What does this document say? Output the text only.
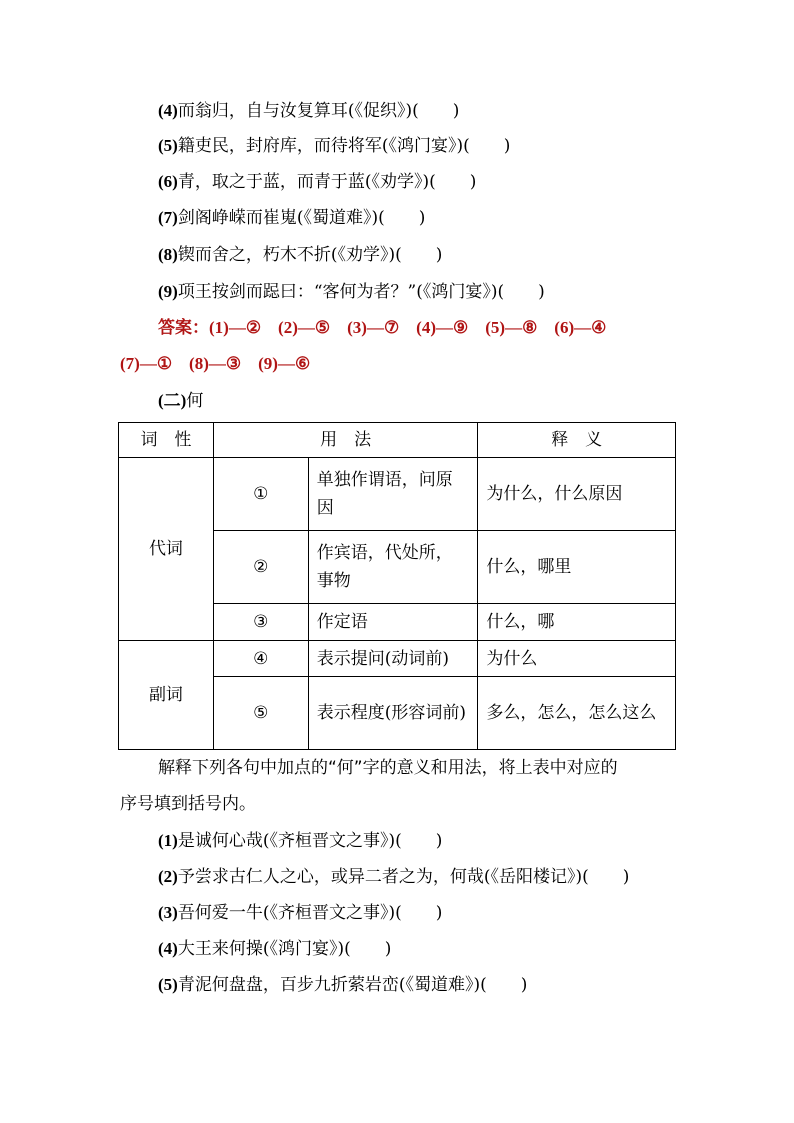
(4)而翁归，自与汝复算耳(《促织》)(　　)
(5)籍吏民，封府库，而待将军(《鸿门宴》)(　　)
(6)青，取之于蓝，而青于蓝(《劝学》)(　　)
(7)剑阁峥嵘而崔嵬(《蜀道难》)(　　)
(8)锲而舍之，朽木不折(《劝学》)(　　)
(9)项王按剑而跽曰：“客何为者？”(《鸿门宴》)(　　)
答案：(1)—②　(2)—⑤　(3)—⑦　(4)—⑨　(5)—⑧　(6)—④
(7)—①　(8)—③　(9)—⑥
(二)何
词　性	用　法		释　义
代词	①	单独作谓语，问原因	为什么，什么原因
	②	作宾语，代处所，事物	什么，哪里
	③	作定语	什么，哪
副词	④	表示提问(动词前)	为什么
	⑤	表示程度(形容词前)	多么，怎么，怎么这么
解释下列各句中加点的“何”字的意义和用法，将上表中对应的
序号填到括号内。
(1)是诚何心哉(《齐桓晋文之事》)(　　)
(2)予尝求古仁人之心，或异二者之为，何哉(《岳阳楼记》)(　　)
(3)吾何爱一牛(《齐桓晋文之事》)(　　)
(4)大王来何操(《鸿门宴》)(　　)
(5)青泥何盘盘，百步九折萦岩峦(《蜀道难》)(　　)
